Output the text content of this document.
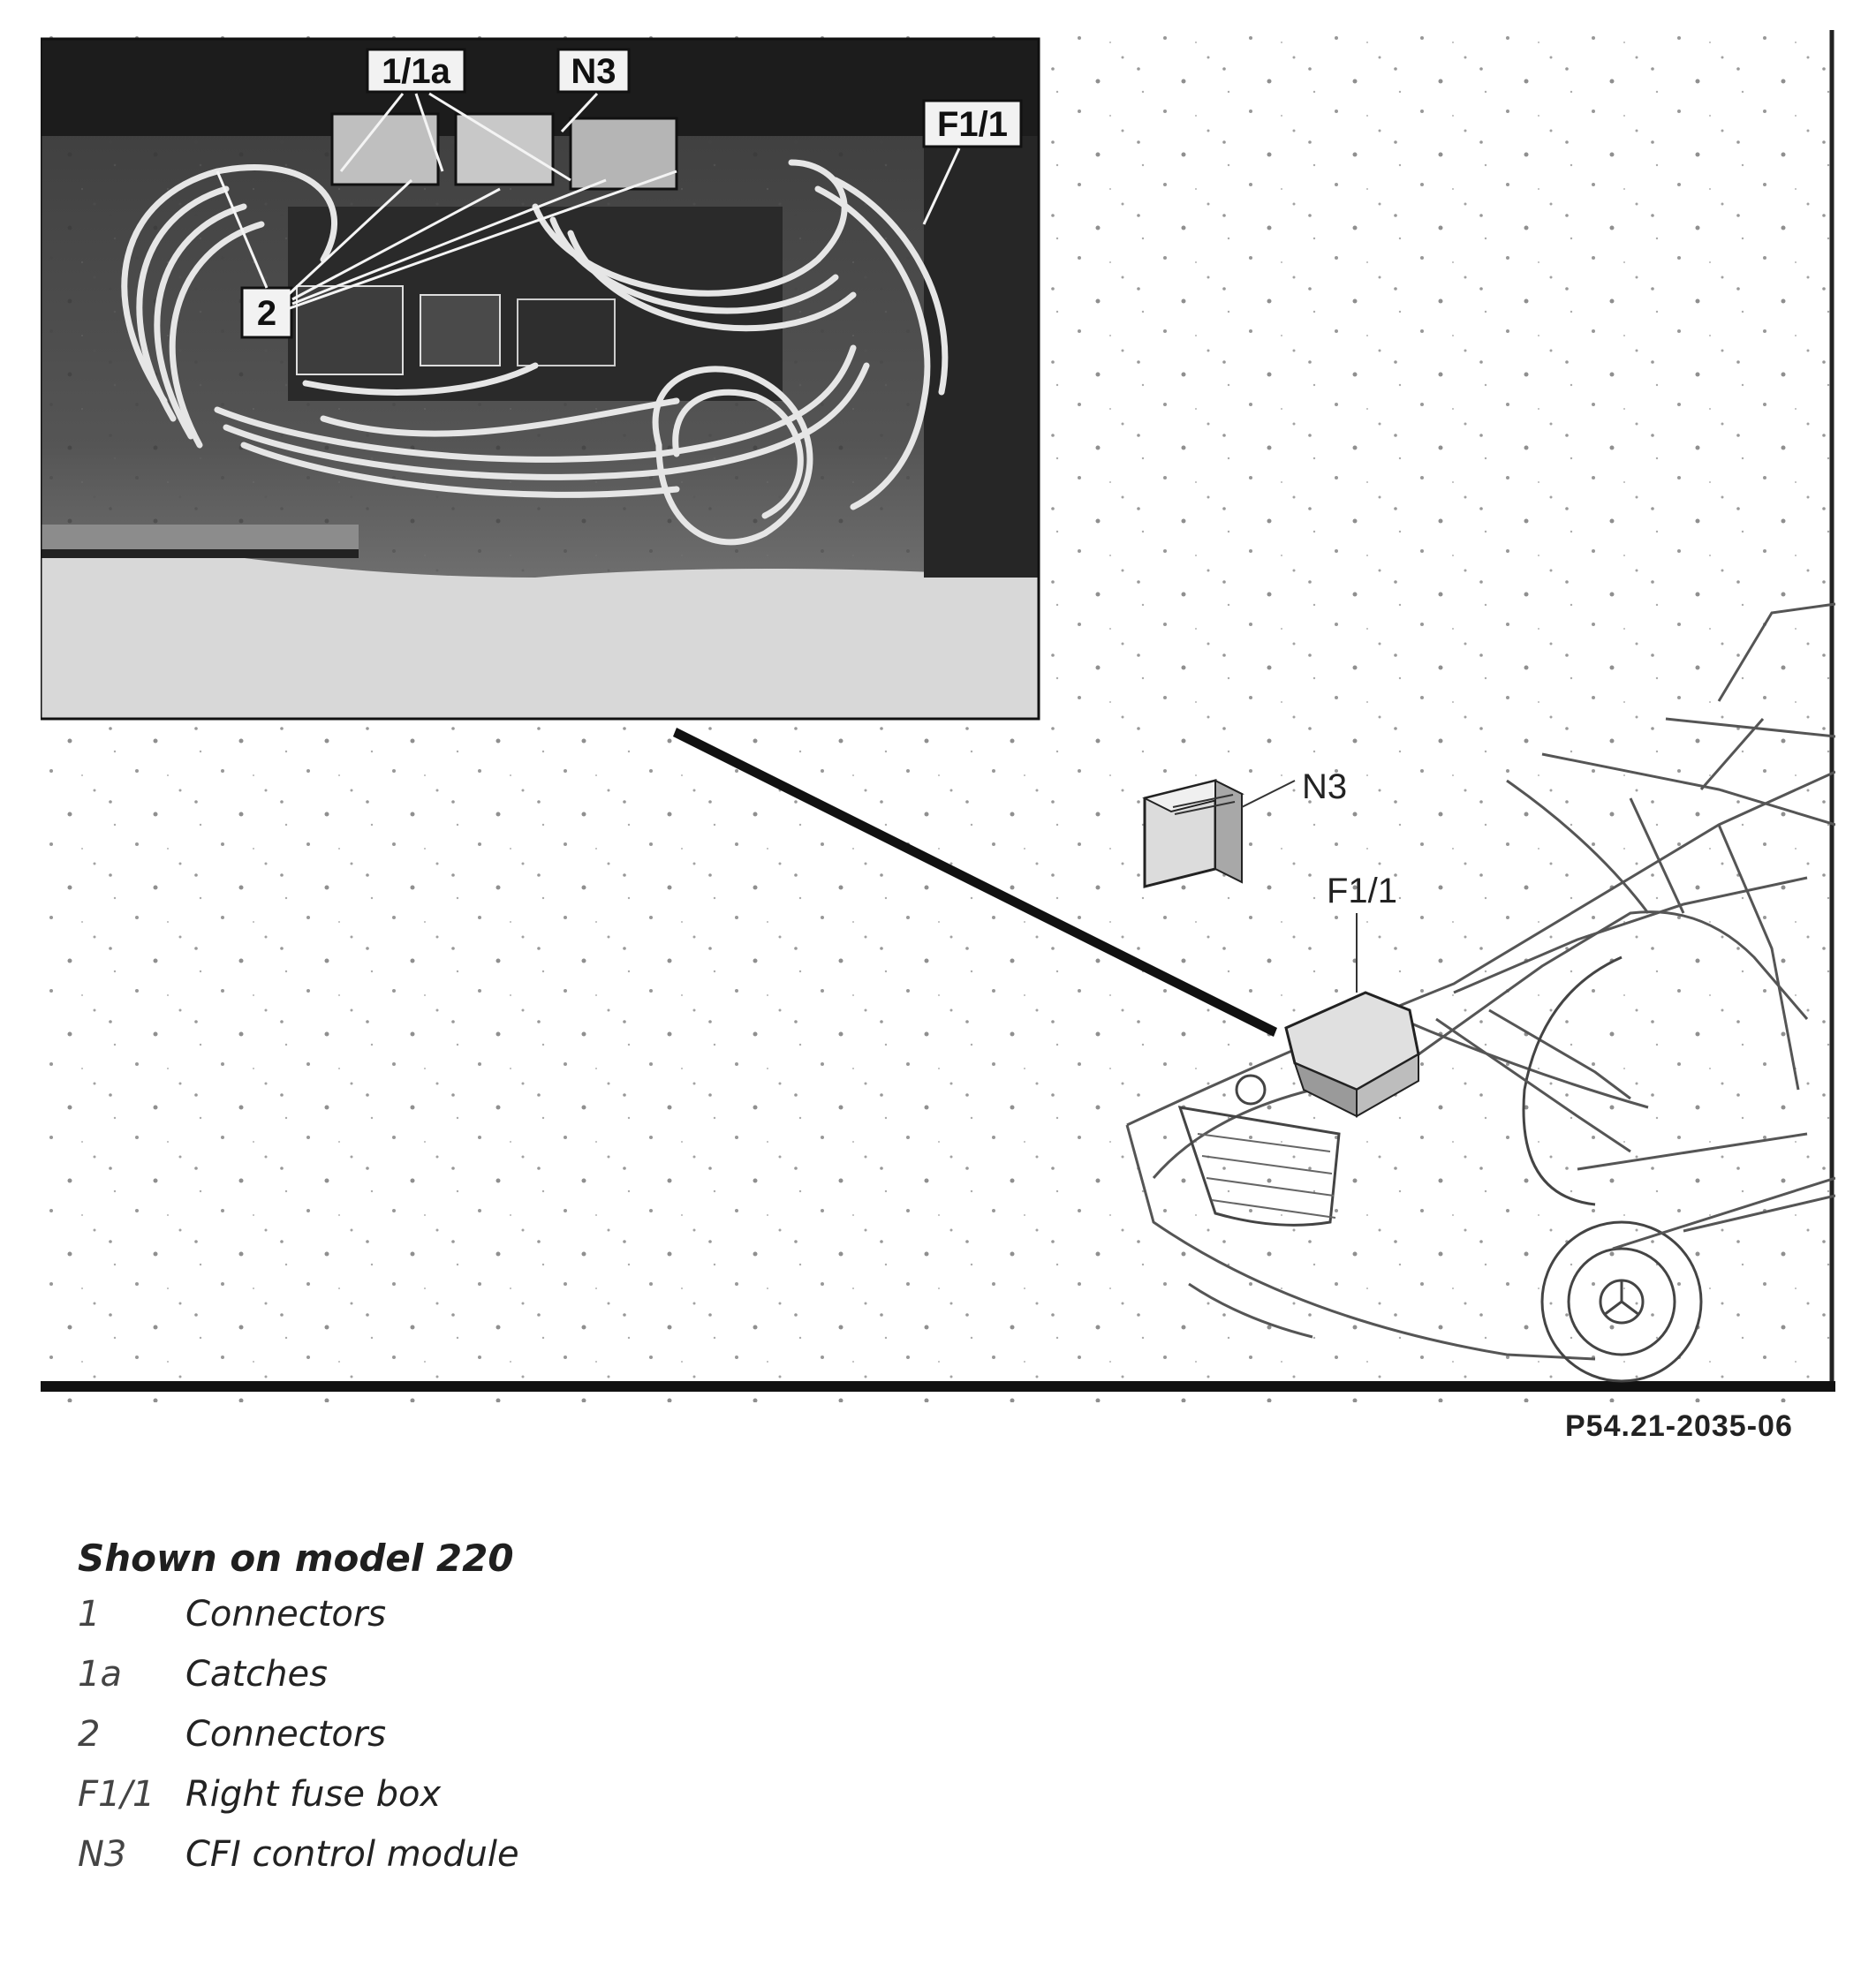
1/1a	N3
F1/1
2
N3
F1/1
P54.21-2035-06
Shown on model 220
1	Connectors
1a	Catches
2	Connectors
F1/1 Right fuse box
N3	CFI control module
